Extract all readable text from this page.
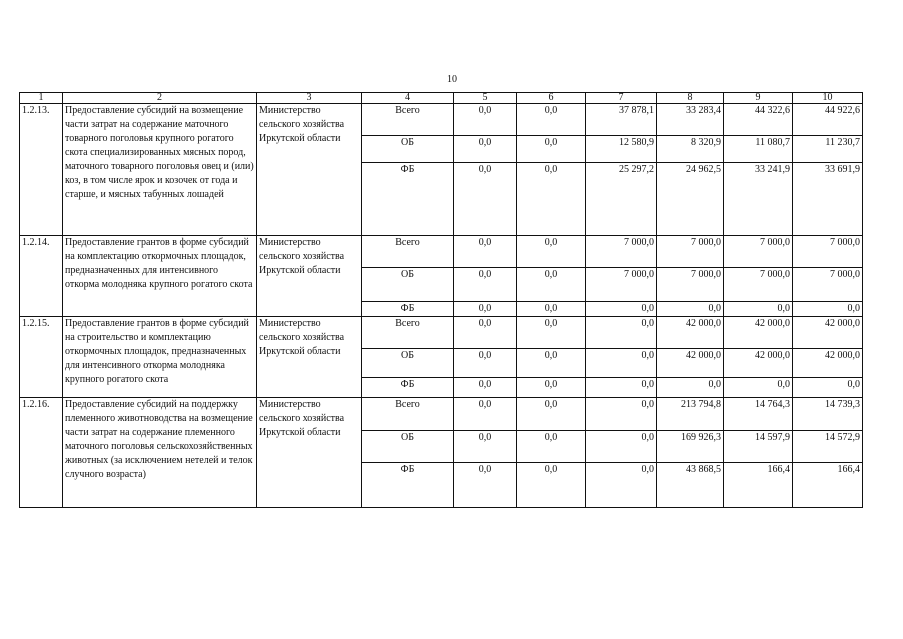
10
1	2	3	4	5	6	7	8	9	10
1.2.13.	Предоставление субсидий на возмещение части затрат на содержание маточного товарного поголовья крупного рогатого скота специализированных мясных пород, маточного товарного поголовья овец и (или) коз, в том числе ярок и козочек от года и старше, и мясных табунных лошадей	Министерство сельского хозяйства Иркутской области	Всего	0,0	0,0	37 878,1	33 283,4	44 322,6	44 922,6
			ОБ	0,0	0,0	12 580,9	8 320,9	11 080,7	11 230,7
			ФБ	0,0	0,0	25 297,2	24 962,5	33 241,9	33 691,9
1.2.14.	Предоставление грантов в форме субсидий на комплектацию откормочных площадок, предназначенных для интенсивного откорма молодняка крупного рогатого скота	Министерство сельского хозяйства Иркутской области	Всего	0,0	0,0	7 000,0	7 000,0	7 000,0	7 000,0
			ОБ	0,0	0,0	7 000,0	7 000,0	7 000,0	7 000,0
			ФБ	0,0	0,0	0,0	0,0	0,0	0,0
1.2.15.	Предоставление грантов в форме субсидий на строительство и комплектацию откормочных площадок, предназначенных для интенсивного откорма молодняка крупного рогатого скота	Министерство сельского хозяйства Иркутской области	Всего	0,0	0,0	0,0	42 000,0	42 000,0	42 000,0
			ОБ	0,0	0,0	0,0	42 000,0	42 000,0	42 000,0
			ФБ	0,0	0,0	0,0	0,0	0,0	0,0
1.2.16.	Предоставление субсидий на поддержку племенного животноводства на возмещение части затрат на содержание племенного маточного поголовья сельскохозяйственных животных (за исключением нетелей и телок случного возраста)	Министерство сельского хозяйства Иркутской области	Всего	0,0	0,0	0,0	213 794,8	14 764,3	14 739,3
			ОБ	0,0	0,0	0,0	169 926,3	14 597,9	14 572,9
			ФБ	0,0	0,0	0,0	43 868,5	166,4	166,4
